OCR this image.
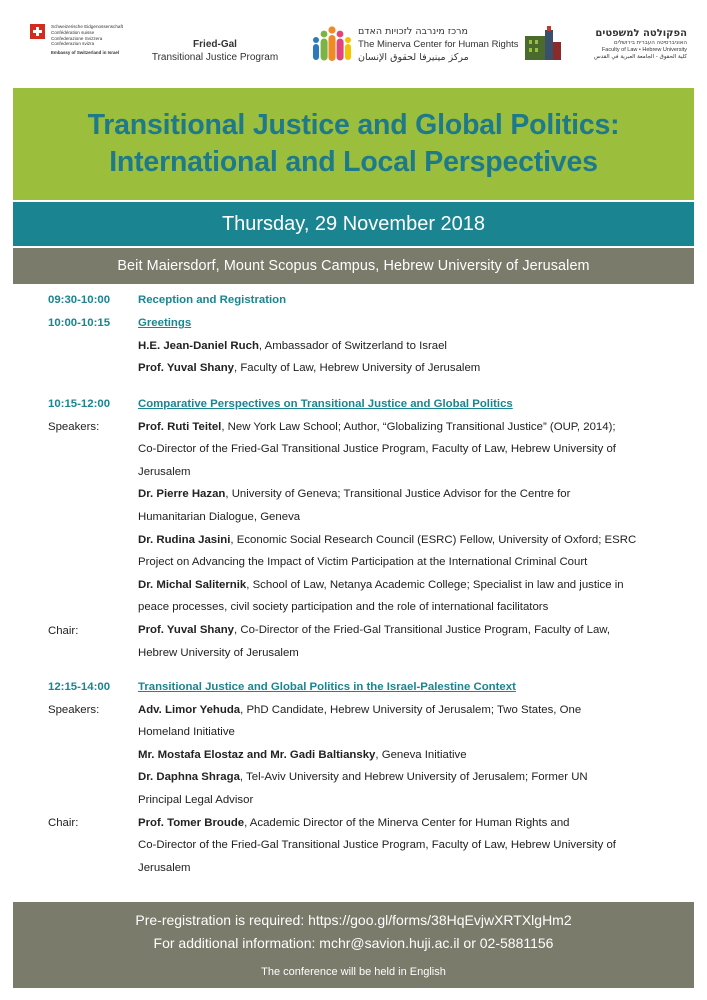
Schweizerische Eidgenossenschaft
Confédération suisse
Confederazione Svizzera
Confederaziun svizra
Embassy of Switzerland in Israel
Fried-Gal
Transitional Justice Program
מרכז מינרבה לזכויות האדם
The Minerva Center for Human Rights
مركز مينيرفا لحقوق الإنسان
הפקולטה למשפטים
האוניברסיטה העברית בירושלים
Faculty of Law • Hebrew University
كلية الحقوق - الجامعة العبرية في القدس
Transitional Justice and Global Politics:
International and Local Perspectives
Thursday, 29 November 2018
Beit Maiersdorf, Mount Scopus Campus, Hebrew University of Jerusalem
09:30-10:00 Reception and Registration
10:00-10:15 Greetings
H.E. Jean-Daniel Ruch, Ambassador of Switzerland to Israel
Prof. Yuval Shany, Faculty of Law, Hebrew University of Jerusalem
10:15-12:00
Speakers:
Chair:
Comparative Perspectives on Transitional Justice and Global Politics
Prof. Ruti Teitel, New York Law School; Author, “Globalizing Transitional Justice” (OUP, 2014);
Co-Director of the Fried-Gal Transitional Justice Program, Faculty of Law, Hebrew University of
Jerusalem
Dr. Pierre Hazan, University of Geneva; Transitional Justice Advisor for the Centre for
Humanitarian Dialogue, Geneva
Dr. Rudina Jasini, Economic Social Research Council (ESRC) Fellow, University of Oxford; ESRC
Project on Advancing the Impact of Victim Participation at the International Criminal Court
Dr. Michal Saliternik, School of Law, Netanya Academic College; Specialist in law and justice in
peace processes, civil society participation and the role of international facilitators
Prof. Yuval Shany, Co-Director of the Fried-Gal Transitional Justice Program, Faculty of Law,
Hebrew University of Jerusalem
12:15-14:00
Speakers:
Chair:
Transitional Justice and Global Politics in the Israel-Palestine Context
Adv. Limor Yehuda, PhD Candidate, Hebrew University of Jerusalem; Two States, One
Homeland Initiative
Mr. Mostafa Elostaz and Mr. Gadi Baltiansky, Geneva Initiative
Dr. Daphna Shraga, Tel-Aviv University and Hebrew University of Jerusalem; Former UN
Principal Legal Advisor
Prof. Tomer Broude, Academic Director of the Minerva Center for Human Rights and
Co-Director of the Fried-Gal Transitional Justice Program, Faculty of Law, Hebrew University of
Jerusalem
Pre-registration is required: https://goo.gl/forms/38HqEvjwXRTXlgHm2
For additional information: mchr@savion.huji.ac.il or 02-5881156
The conference will be held in English
